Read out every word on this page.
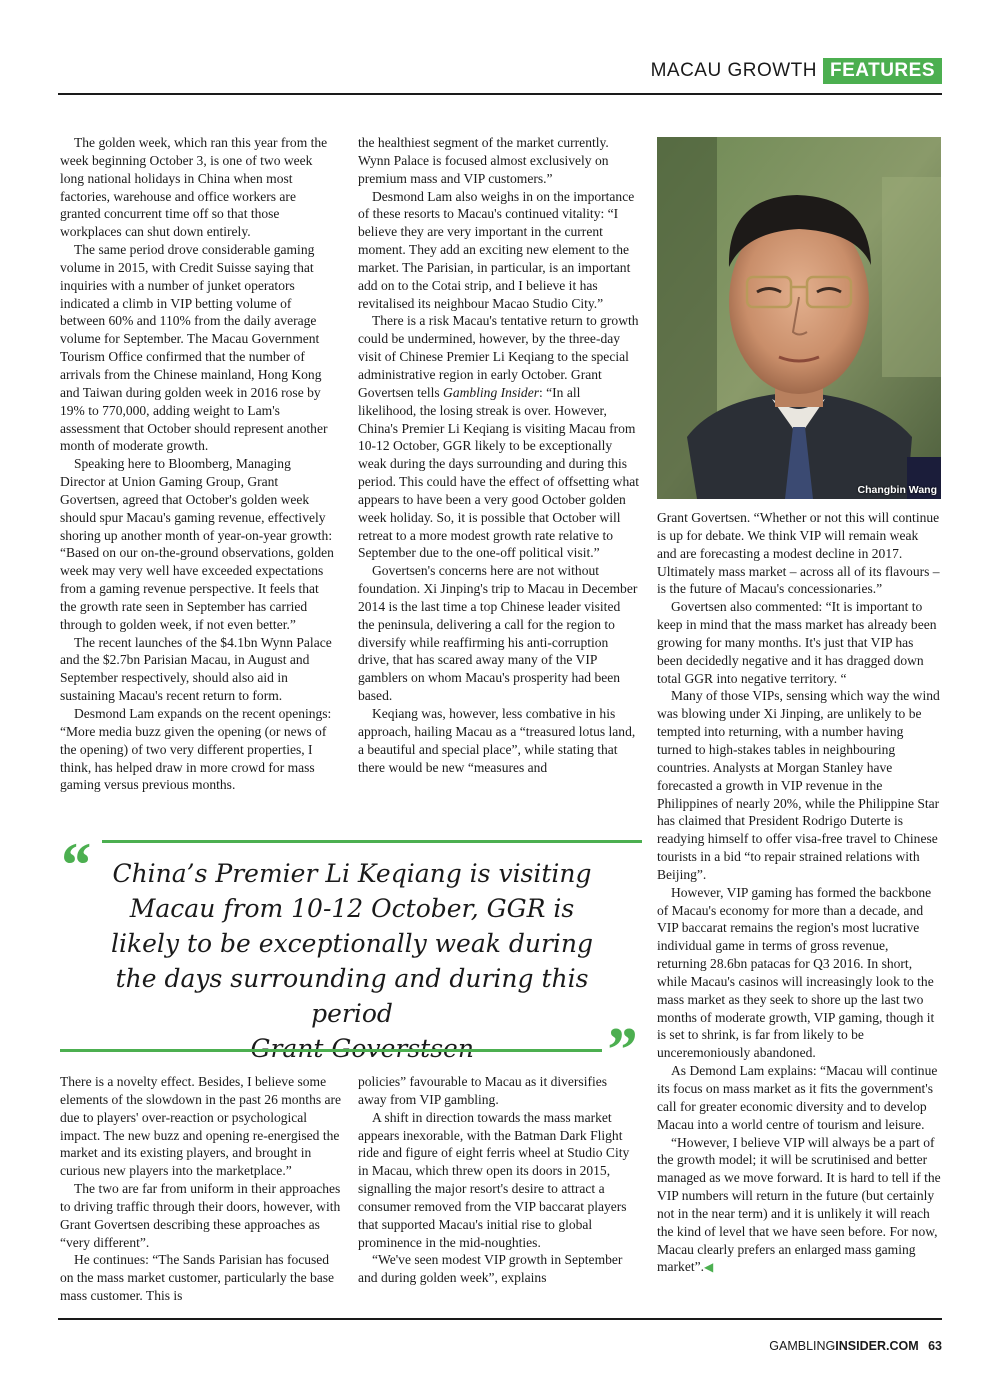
MACAU GROWTH FEATURES

The golden week, which ran this year from the week beginning October 3, is one of two week long national holidays in China when most factories, warehouse and office workers are granted concurrent time off so that those workplaces can shut down entirely.

The same period drove considerable gaming volume in 2015, with Credit Suisse saying that inquiries with a number of junket operators indicated a climb in VIP betting volume of between 60% and 110% from the daily average volume for September. The Macau Government Tourism Office confirmed that the number of arrivals from the Chinese mainland, Hong Kong and Taiwan during golden week in 2016 rose by 19% to 770,000, adding weight to Lam's assessment that October should represent another month of moderate growth.

Speaking here to Bloomberg, Managing Director at Union Gaming Group, Grant Govertsen, agreed that October's golden week should spur Macau's gaming revenue, effectively shoring up another month of year-on-year growth: “Based on our on-the-ground observations, golden week may very well have exceeded expectations from a gaming revenue perspective. It feels that the growth rate seen in September has carried through to golden week, if not even better.”

The recent launches of the $4.1bn Wynn Palace and the $2.7bn Parisian Macau, in August and September respectively, should also aid in sustaining Macau's recent return to form.

Desmond Lam expands on the recent openings: “More media buzz given the opening (or news of the opening) of two very different properties, I think, has helped draw in more crowd for mass gaming versus previous months.

the healthiest segment of the market currently. Wynn Palace is focused almost exclusively on premium mass and VIP customers.”

Desmond Lam also weighs in on the importance of these resorts to Macau's continued vitality: “I believe they are very important in the current moment. They add an exciting new element to the market. The Parisian, in particular, is an important add on to the Cotai strip, and I believe it has revitalised its neighbour Macao Studio City.”

There is a risk Macau's tentative return to growth could be undermined, however, by the three-day visit of Chinese Premier Li Keqiang to the special administrative region in early October. Grant Govertsen tells Gambling Insider: “In all likelihood, the losing streak is over. However, China's Premier Li Keqiang is visiting Macau from 10-12 October, GGR likely to be exceptionally weak during the days surrounding and during this period. This could have the effect of offsetting what appears to have been a very good October golden week holiday. So, it is possible that October will retreat to a more modest growth rate relative to September due to the one-off political visit.”

Govertsen's concerns here are not without foundation. Xi Jinping's trip to Macau in December 2014 is the last time a top Chinese leader visited the peninsula, delivering a call for the region to diversify while reaffirming his anti-corruption drive, that has scared away many of the VIP gamblers on whom Macau's prosperity had been based.

Keqiang was, however, less combative in his approach, hailing Macau as a “treasured lotus land, a beautiful and special place”, while stating that there would be new “measures and

Changbin Wang

Grant Govertsen. “Whether or not this will continue is up for debate. We think VIP will remain weak and are forecasting a modest decline in 2017. Ultimately mass market – across all of its flavours – is the future of Macau's concessionaries.”

Govertsen also commented: “It is important to keep in mind that the mass market has already been growing for many months. It's just that VIP has been decidedly negative and it has dragged down total GGR into negative territory. “

Many of those VIPs, sensing which way the wind was blowing under Xi Jinping, are unlikely to be tempted into returning, with a number having turned to high-stakes tables in neighbouring countries. Analysts at Morgan Stanley have forecasted a growth in VIP revenue in the Philippines of nearly 20%, while the Philippine Star has claimed that President Rodrigo Duterte is readying himself to offer visa-free travel to Chinese tourists in a bid “to repair strained relations with Beijing”.

However, VIP gaming has formed the backbone of Macau's economy for more than a decade, and VIP baccarat remains the region's most lucrative individual game in terms of gross revenue, returning 28.6bn patacas for Q3 2016. In short, while Macau's casinos will increasingly look to the mass market as they seek to shore up the last two months of moderate growth, VIP gaming, though it is set to shrink, is far from likely to be unceremoniously abandoned.

As Demond Lam explains: “Macau will continue its focus on mass market as it fits the government's call for greater economic diversity and to develop Macau into a world centre of tourism and leisure.

“However, I believe VIP will always be a part of the growth model; it will be scrutinised and better managed as we move forward. It is hard to tell if the VIP numbers will return in the future (but certainly not in the near term) and it is unlikely it will reach the kind of level that we have seen before. For now, Macau clearly prefers an enlarged mass gaming market”.◀

“ China’s Premier Li Keqiang is visiting Macau from 10-12 October, GGR is likely to be exceptionally weak during the days surrounding and during this period
– Grant Goverstsen	”

There is a novelty effect. Besides, I believe some elements of the slowdown in the past 26 months are due to players' over-reaction or psychological impact. The new buzz and opening re-energised the market and its existing players, and brought in curious new players into the marketplace.”

The two are far from uniform in their approaches to driving traffic through their doors, however, with Grant Govertsen describing these approaches as “very different”.

He continues: “The Sands Parisian has focused on the mass market customer, particularly the base mass customer. This is

policies” favourable to Macau as it diversifies away from VIP gambling.

A shift in direction towards the mass market appears inexorable, with the Batman Dark Flight ride and figure of eight ferris wheel at Studio City in Macau, which threw open its doors in 2015, signalling the major resort's desire to attract a consumer removed from the VIP baccarat players that supported Macau's initial rise to global prominence in the mid-noughties.

“We've seen modest VIP growth in September and during golden week”, explains

GAMBLINGINSIDER.COM 63
